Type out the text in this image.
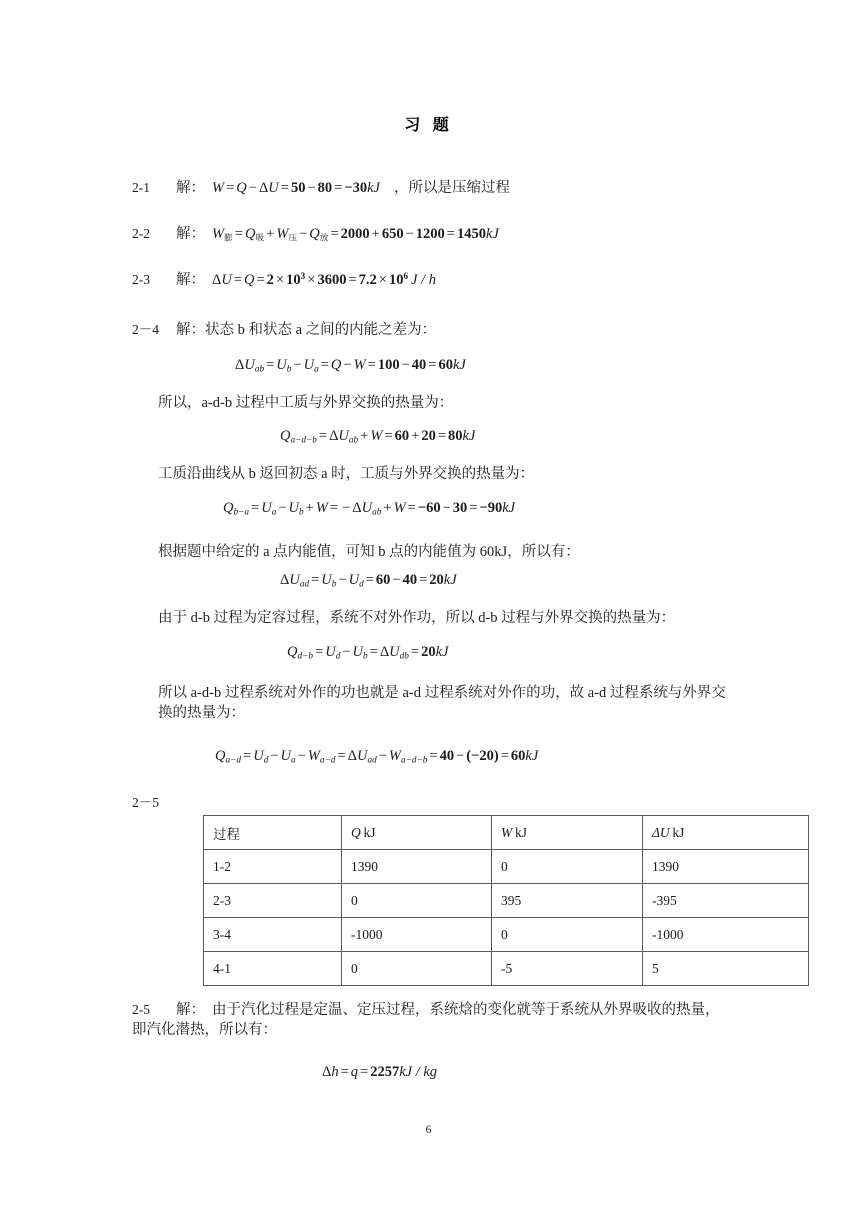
习 题
2-1 解： W = Q − ΔU = 50 − 80 = −30kJ ，所以是压缩过程
2-2 解： $W_膨 = Q_吸 + W_压 - Q_放 = 2000 + 650 - 1200 = 1450kJ$
2-3 解： $\Delta U = Q = 2 \times 10^3 \times 3600 = 7.2 \times 10^6$ J / h
2－4 解：状态 b 和状态 a 之间的内能之差为：
$\Delta U_{ab} = U_b - U_a = Q - W = 100 - 40 = 60kJ$
所以，a-d-b 过程中工质与外界交换的热量为：
$Q_{a-d-b} = \Delta U_{ab} + W = 60 + 20 = 80kJ$
工质沿曲线从 b 返回初态 a 时，工质与外界交换的热量为：
$Q_{b-a} = U_a - U_b + W$ = − $\Delta U_{ab} + W = -60 - 30 = -90kJ$
根据题中给定的 a 点内能值，可知 b 点的内能值为 60kJ，所以有：
$\Delta U_{ad} = U_b - U_d = 60 - 40 = 20kJ$
由于 d-b 过程为定容过程，系统不对外作功，所以 d-b 过程与外界交换的热量为：
$Q_{d-b} = U_d - U_b = \Delta U_{db} = 20kJ$
所以 a-d-b 过程系统对外作的功也就是 a-d 过程系统对外作的功，故 a-d 过程系统与外界交换的热量为：
$Q_{a-d} = U_d - U_a - W_{a-d} = \Delta U_{ad} - W_{a-d-b} = 40 - (-20) = 60kJ$
2－5
2-5 解： 由于汽化过程是定温、定压过程，系统焓的变化就等于系统从外界吸收的热量，即汽化潜热，所以有：
Δh = q = 2257kJ / kg
过程	Q kJ	W kJ	ΔU kJ
1-2	1390	0	1390
2-3	0	395	-395
3-4	-1000	0	-1000
4-1	0	-5	5
6
